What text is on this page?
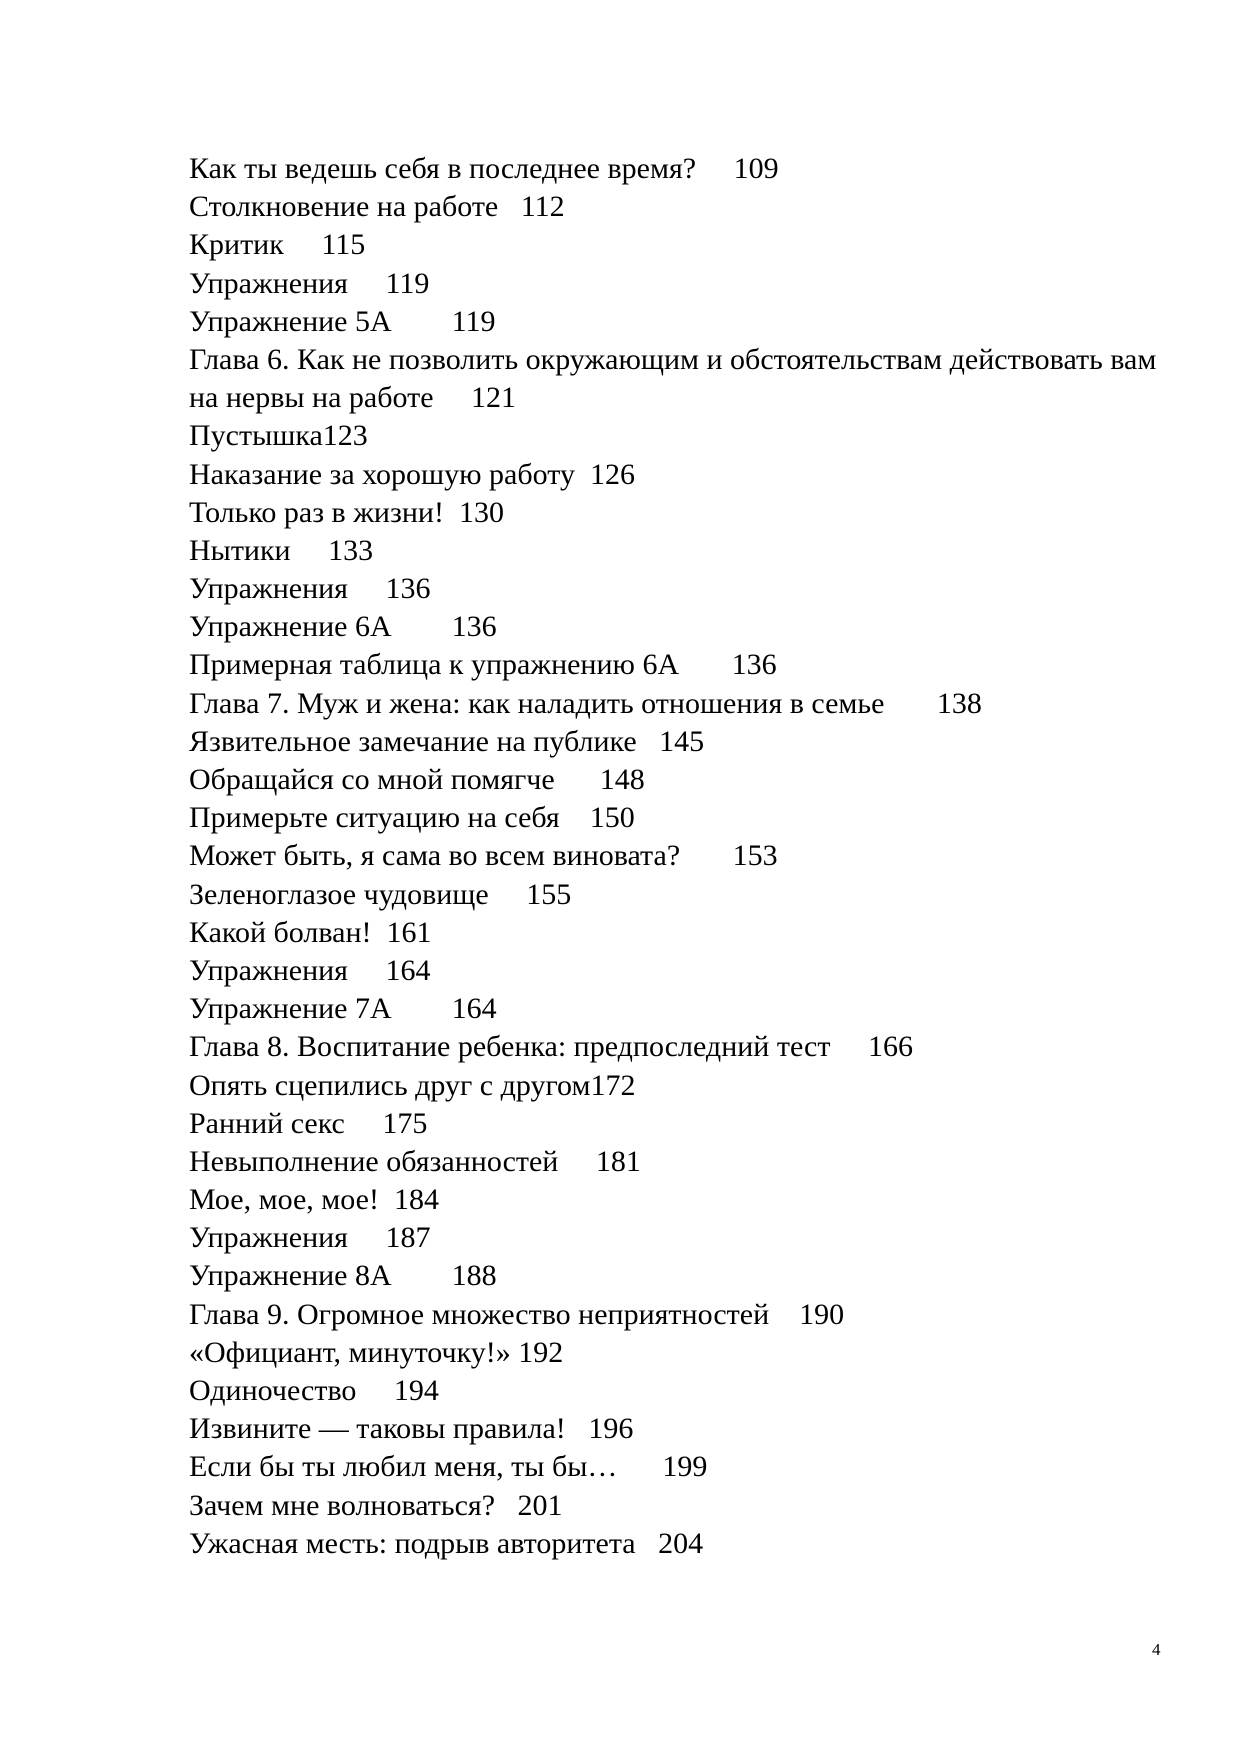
Как ты ведешь себя в последнее время? 109
Столкновение на работе 112
Критик 115
Упражнения 119
Упражнение 5А 119
Глава 6. Как не позволить окружающим и обстоятельствам действовать вам на нервы на работе 121
Пустышка123
Наказание за хорошую работу 126
Только раз в жизни! 130
Нытики 133
Упражнения 136
Упражнение 6А 136
Примерная таблица к упражнению 6А 136
Глава 7. Муж и жена: как наладить отношения в семье 138
Язвительное замечание на публике 145
Обращайся со мной помягче 148
Примерьте ситуацию на себя 150
Может быть, я сама во всем виновата? 153
Зеленоглазое чудовище 155
Какой болван! 161
Упражнения 164
Упражнение 7А 164
Глава 8. Воспитание ребенка: предпоследний тест 166
Опять сцепились друг с другом172
Ранний секс 175
Невыполнение обязанностей 181
Мое, мое, мое! 184
Упражнения 187
Упражнение 8А 188
Глава 9. Огромное множество неприятностей 190
«Официант, минуточку!» 192
Одиночество 194
Извините — таковы правила! 196
Если бы ты любил меня, ты бы… 199
Зачем мне волноваться? 201
Ужасная месть: подрыв авторитета 204
4
